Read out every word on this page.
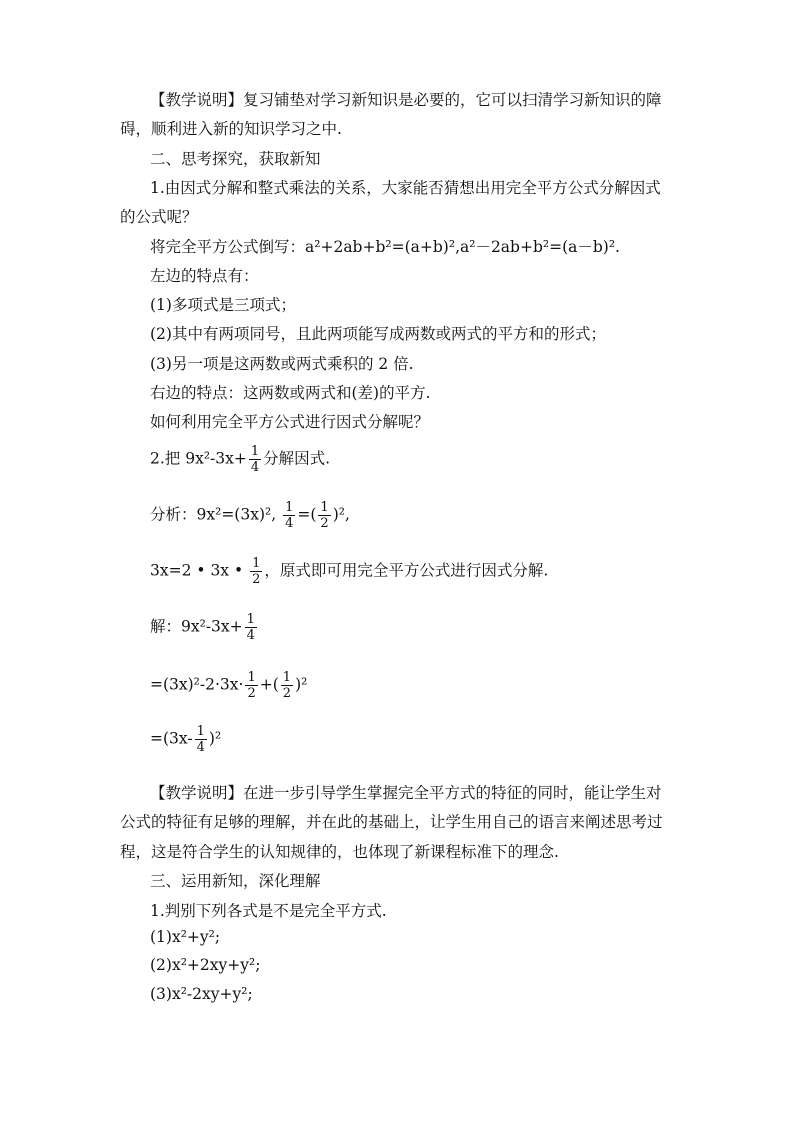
【教学说明】复习铺垫对学习新知识是必要的，它可以扫清学习新知识的障
碍，顺利进入新的知识学习之中.
二、思考探究，获取新知
1.由因式分解和整式乘法的关系，大家能否猜想出用完全平方公式分解因式
的公式呢？
将完全平方公式倒写：a²+2ab+b²=(a+b)²,a²－2ab+b²=(a－b)².
左边的特点有：
(1)多项式是三项式；
(2)其中有两项同号，且此两项能写成两数或两式的平方和的形式；
(3)另一项是这两数或两式乘积的 2 倍.
右边的特点：这两数或两式和(差)的平方.
如何利用完全平方公式进行因式分解呢？
2.把 $9x^2-3x+ \frac{1}{4}$ 分解因式.
分析：9x²=(3x)², $\frac{1}{4}$ =( $\frac{1}{2} )^2$,
3x=2 • 3x • $\frac{1}{2}$ ，原式即可用完全平方公式进行因式分解.
解：$9x^2-3x+ \frac{1}{4}$
$=(3x)^2-2\cdot 3x\cdot \frac{1}{2}$ +( $\frac{1}{2} )^2$
$=(3x- \frac{1}{4} )^2$
【教学说明】在进一步引导学生掌握完全平方式的特征的同时，能让学生对
公式的特征有足够的理解，并在此的基础上，让学生用自己的语言来阐述思考过
程，这是符合学生的认知规律的，也体现了新课程标准下的理念.
三、运用新知，深化理解
1.判别下列各式是不是完全平方式.
(1)x²+y²;
(2)x²+2xy+y²;
(3)x²-2xy+y²;
